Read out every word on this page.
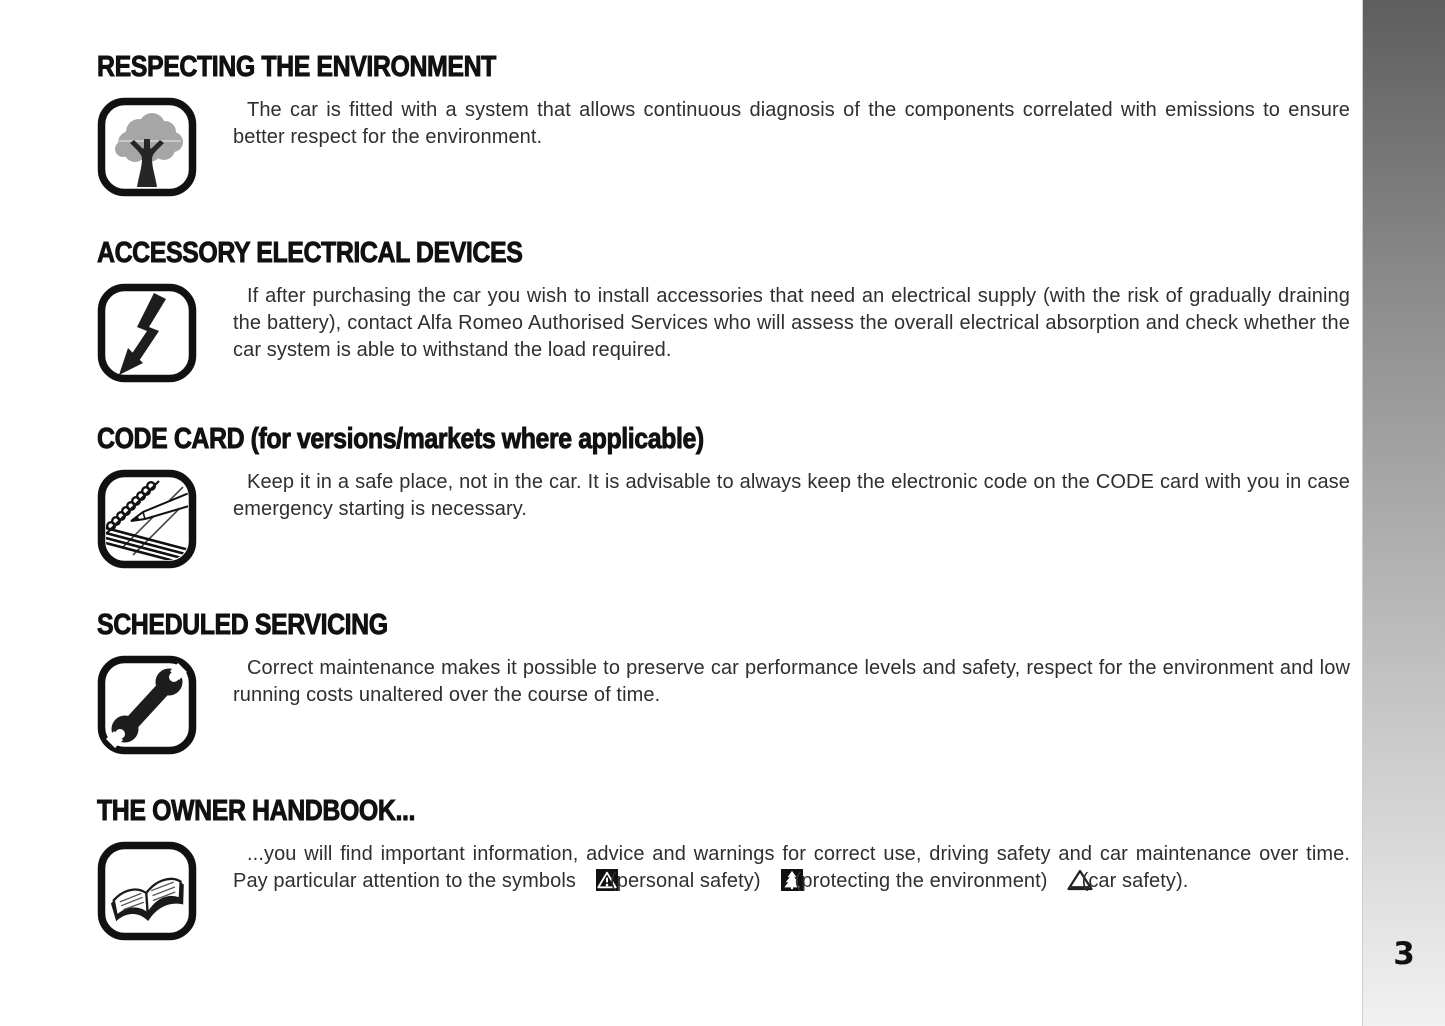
RESPECTING THE ENVIRONMENT

The car is fitted with a system that allows continuous diagnosis of the components correlated with emissions to ensure better respect for the environment.

ACCESSORY ELECTRICAL DEVICES

If after purchasing the car you wish to install accessories that need an electrical supply (with the risk of gradually draining the battery), contact Alfa Romeo Authorised Services who will assess the overall electrical absorption and check whether the car system is able to withstand the load required.

CODE CARD (for versions/markets where applicable)

Keep it in a safe place, not in the car. It is advisable to always keep the electronic code on the CODE card with you in case emergency starting is necessary.

SCHEDULED SERVICING

Correct maintenance makes it possible to preserve car performance levels and safety, respect for the environment and low running costs unaltered over the course of time.

THE OWNER HANDBOOK...

...you will find important information, advice and warnings for correct use, driving safety and car maintenance over time. Pay particular attention to the symbols (personal safety) (protecting the environment) (car safety).

3
